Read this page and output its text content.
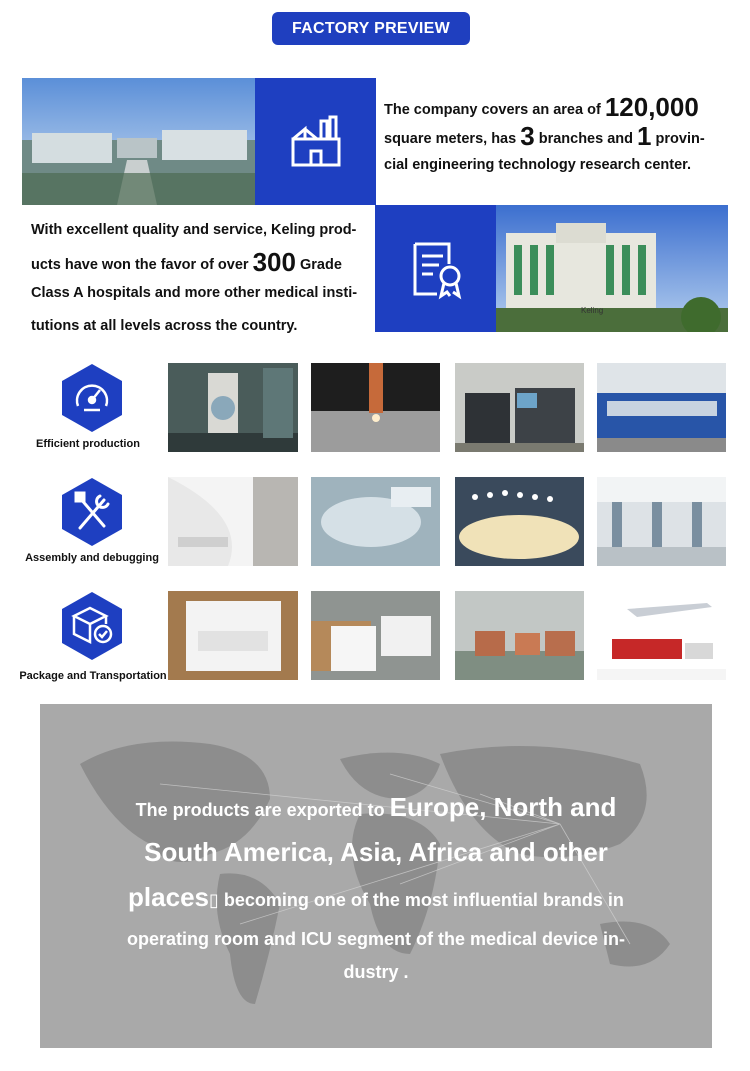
FACTORY PREVIEW
The company covers an area of 120,000
square meters, has 3 branches and 1 provin-
cial engineering technology research center.
With excellent quality and service, Keling prod-
ucts have won the favor of over 300 Grade
Class A hospitals and more other medical insti-
tutions at all levels across the country.
Keling
Efficient production
Assembly and debugging
Package and Transportation
The products are exported to Europe, North and
South America, Asia, Africa and other
places▯ becoming one of the most influential brands in
operating room and ICU segment of the medical device in-
dustry .
